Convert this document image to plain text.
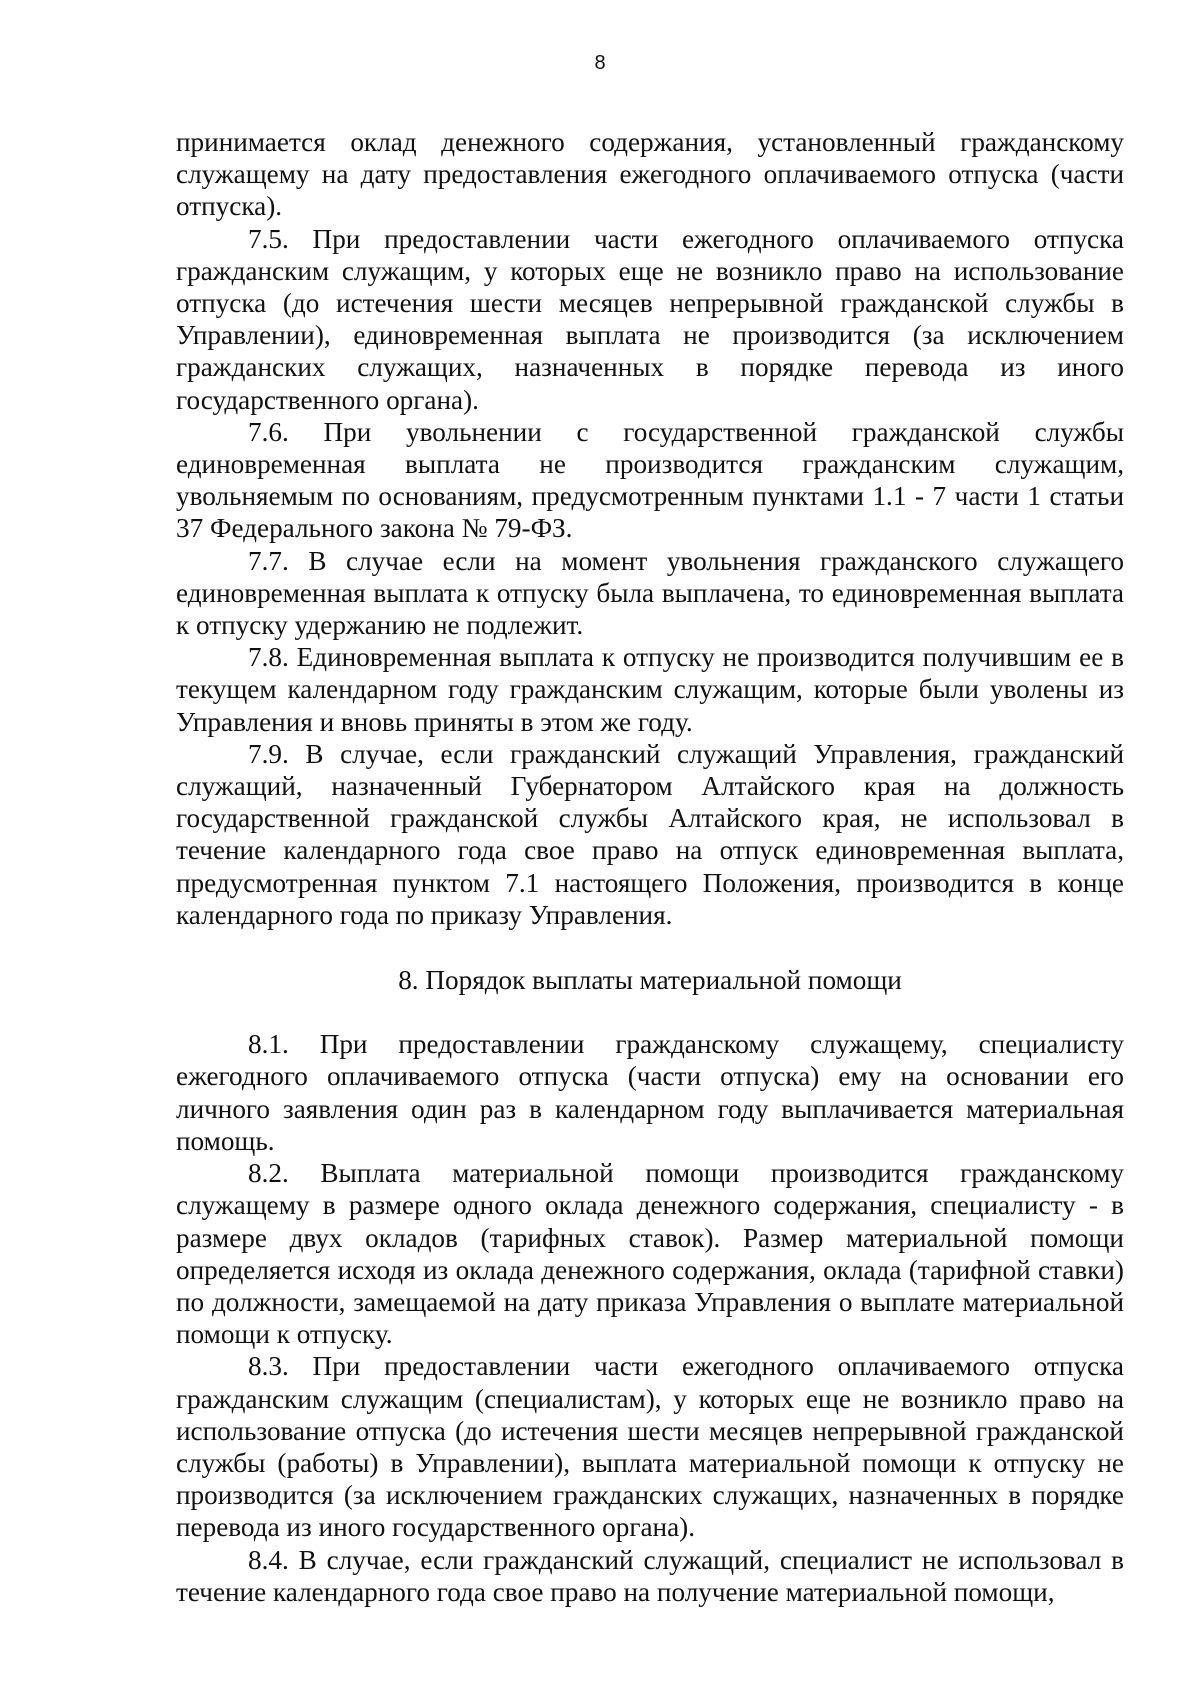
8

принимается оклад денежного содержания, установленный гражданскому служащему на дату предоставления ежегодного оплачиваемого отпуска (части отпуска).

7.5. При предоставлении части ежегодного оплачиваемого отпуска гражданским служащим, у которых еще не возникло право на использование отпуска (до истечения шести месяцев непрерывной гражданской службы в Управлении), единовременная выплата не производится (за исключением гражданских служащих, назначенных в порядке перевода из иного государственного органа).

7.6. При увольнении с государственной гражданской службы единовременная выплата не производится гражданским служащим, увольняемым по основаниям, предусмотренным пунктами 1.1 - 7 части 1 статьи 37 Федерального закона № 79-ФЗ.

7.7. В случае если на момент увольнения гражданского служащего единовременная выплата к отпуску была выплачена, то единовременная выплата к отпуску удержанию не подлежит.

7.8. Единовременная выплата к отпуску не производится получившим ее в текущем календарном году гражданским служащим, которые были уволены из Управления и вновь приняты в этом же году.

7.9. В случае, если гражданский служащий Управления, гражданский служащий, назначенный Губернатором Алтайского края на должность государственной гражданской службы Алтайского края, не использовал в течение календарного года свое право на отпуск единовременная выплата, предусмотренная пунктом 7.1 настоящего Положения, производится в конце календарного года по приказу Управления.

8. Порядок выплаты материальной помощи

8.1. При предоставлении гражданскому служащему, специалисту ежегодного оплачиваемого отпуска (части отпуска) ему на основании его личного заявления один раз в календарном году выплачивается материальная помощь.

8.2. Выплата материальной помощи производится гражданскому служащему в размере одного оклада денежного содержания, специалисту - в размере двух окладов (тарифных ставок). Размер материальной помощи определяется исходя из оклада денежного содержания, оклада (тарифной ставки) по должности, замещаемой на дату приказа Управления о выплате материальной помощи к отпуску.

8.3. При предоставлении части ежегодного оплачиваемого отпуска гражданским служащим (специалистам), у которых еще не возникло право на использование отпуска (до истечения шести месяцев непрерывной гражданской службы (работы) в Управлении), выплата материальной помощи к отпуску не производится (за исключением гражданских служащих, назначенных в порядке перевода из иного государственного органа).

8.4. В случае, если гражданский служащий, специалист не использовал в течение календарного года свое право на получение материальной помощи,
